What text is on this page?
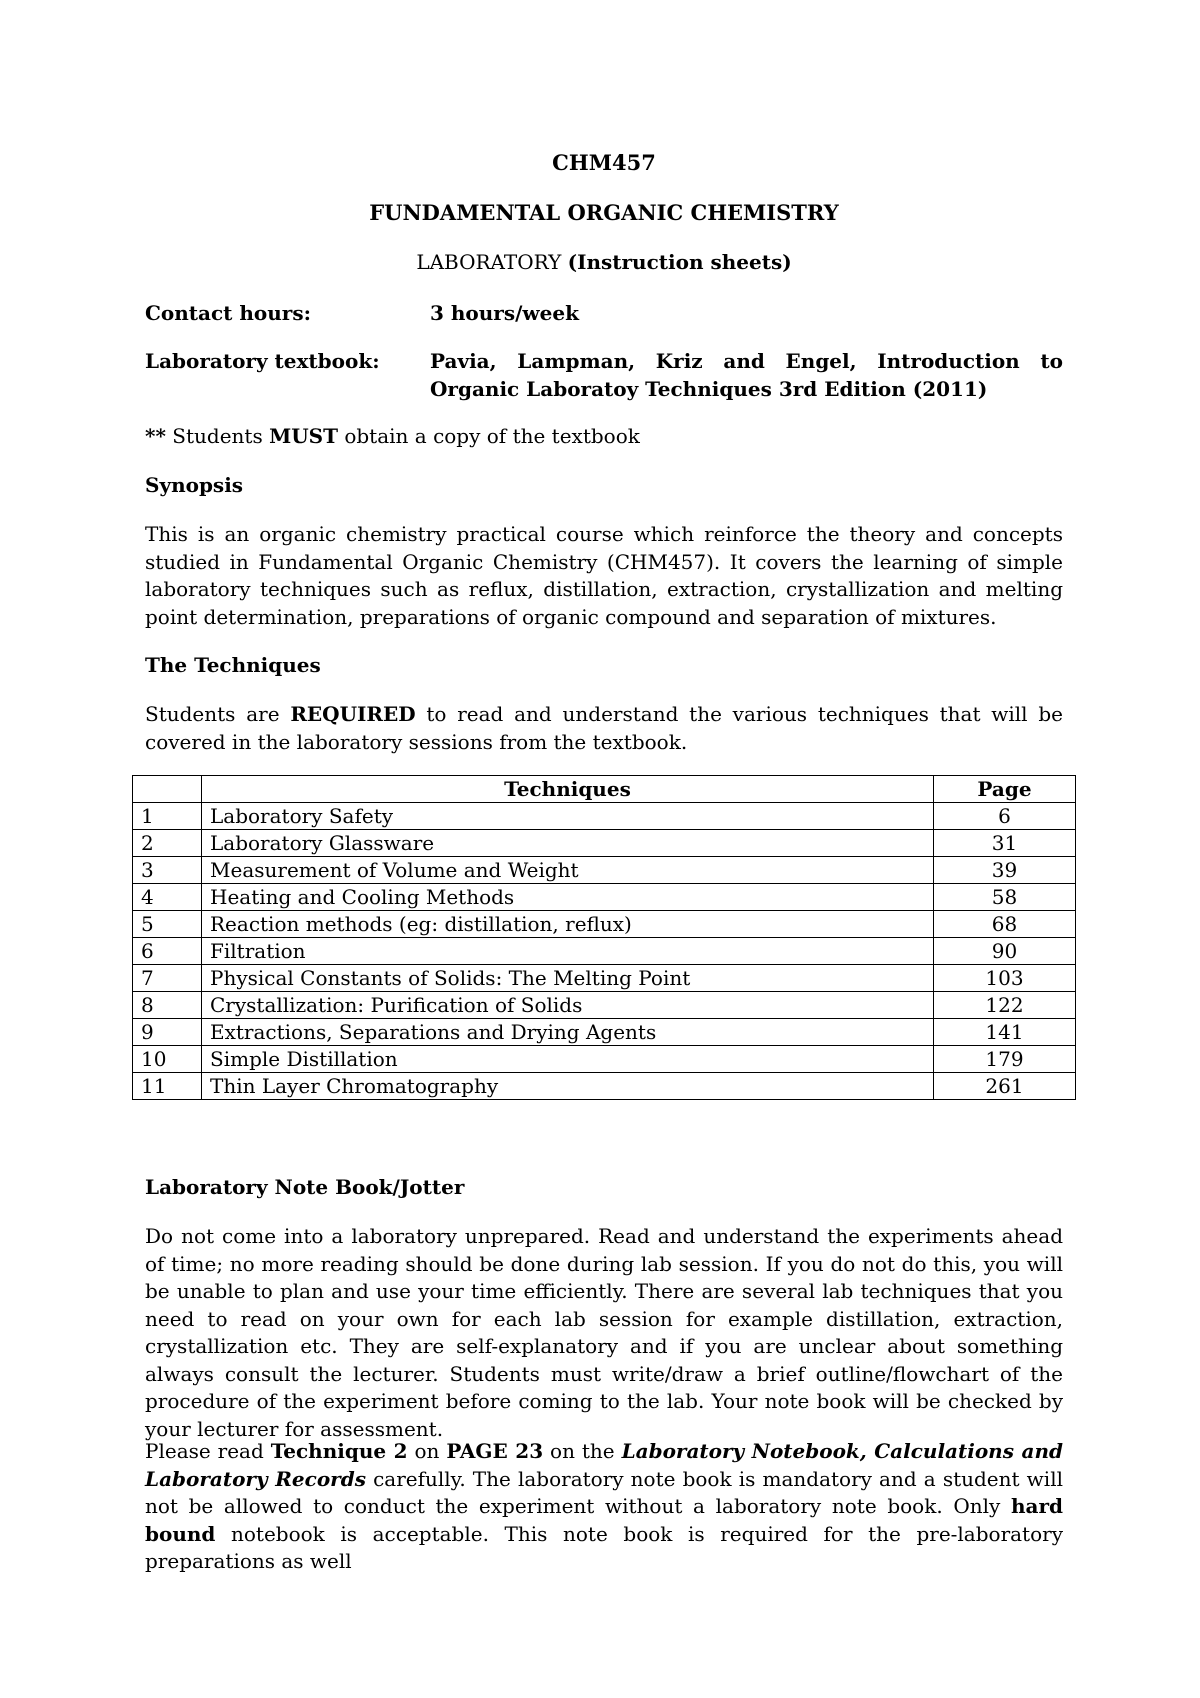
CHM457
FUNDAMENTAL ORGANIC CHEMISTRY
LABORATORY (Instruction sheets)
Contact hours:	3 hours/week
Laboratory textbook:	Pavia, Lampman, Kriz and Engel, Introduction to Organic Laboratoy Techniques 3rd Edition (2011)
** Students MUST obtain a copy of the textbook
Synopsis
This is an organic chemistry practical course which reinforce the theory and concepts studied in Fundamental Organic Chemistry (CHM457). It covers the learning of simple laboratory techniques such as reflux, distillation, extraction, crystallization and melting point determination, preparations of organic compound and separation of mixtures.
The Techniques
Students are REQUIRED to read and understand the various techniques that will be covered in the laboratory sessions from the textbook.
	Techniques	Page
1	Laboratory Safety	6
2	Laboratory Glassware	31
3	Measurement of Volume and Weight	39
4	Heating and Cooling Methods	58
5	Reaction methods (eg: distillation, reflux)	68
6	Filtration	90
7	Physical Constants of Solids: The Melting Point	103
8	Crystallization: Purification of Solids	122
9	Extractions, Separations and Drying Agents	141
10	Simple Distillation	179
11	Thin Layer Chromatography	261
Laboratory Note Book/Jotter
Do not come into a laboratory unprepared. Read and understand the experiments ahead of time; no more reading should be done during lab session. If you do not do this, you will be unable to plan and use your time efficiently. There are several lab techniques that you need to read on your own for each lab session for example distillation, extraction, crystallization etc. They are self-explanatory and if you are unclear about something always consult the lecturer. Students must write/draw a brief outline/flowchart of the procedure of the experiment before coming to the lab. Your note book will be checked by your lecturer for assessment.
Please read Technique 2 on PAGE 23 on the Laboratory Notebook, Calculations and Laboratory Records carefully. The laboratory note book is mandatory and a student will not be allowed to conduct the experiment without a laboratory note book. Only hard bound notebook is acceptable. This note book is required for the pre-laboratory preparations as well
